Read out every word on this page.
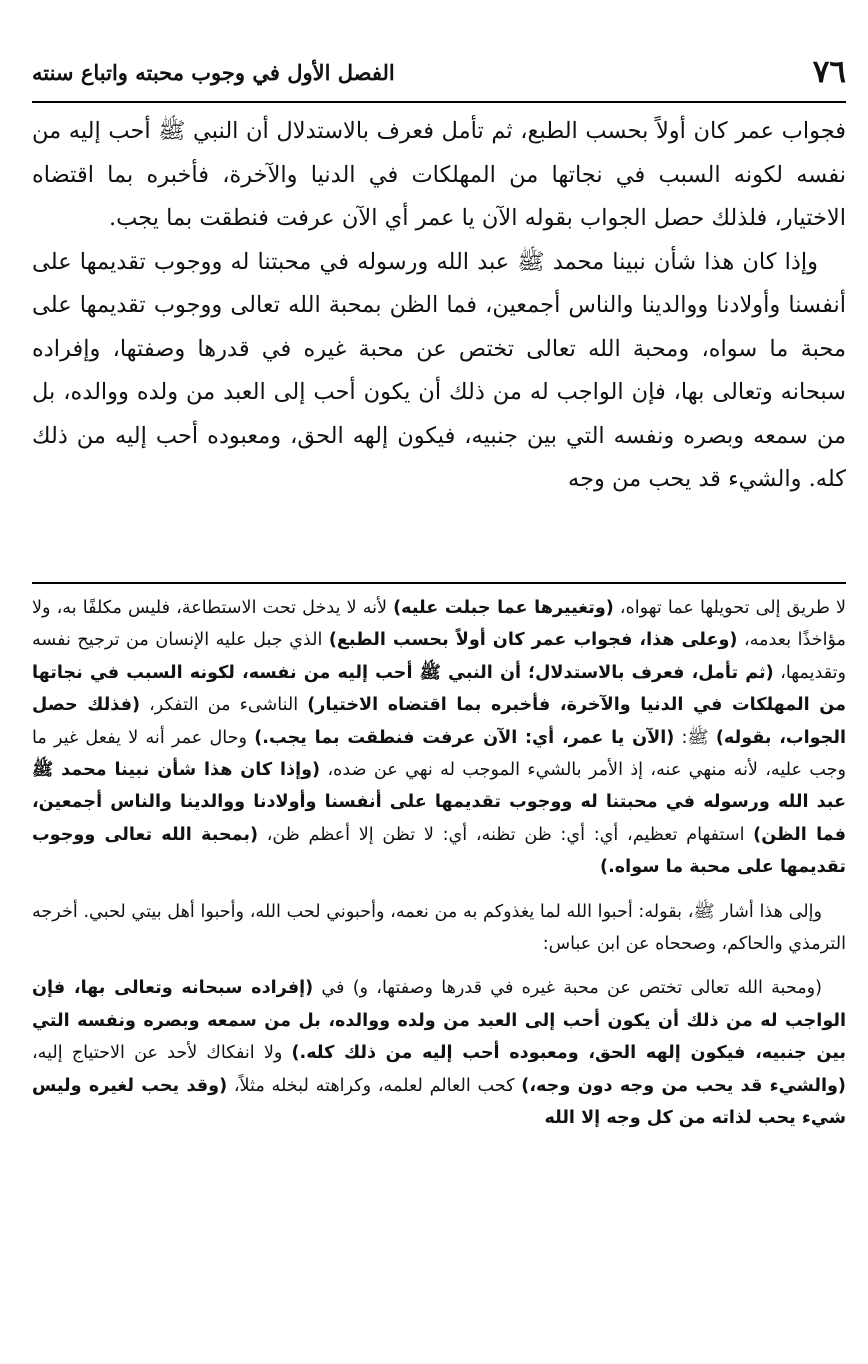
٧٦
الفصل الأول في وجوب محبته واتباع سنته

فجواب عمر كان أولاً بحسب الطبع، ثم تأمل فعرف بالاستدلال أن النبي ﷺ أحب إليه من نفسه لكونه السبب في نجاتها من المهلكات في الدنيا والآخرة، فأخبره بما اقتضاه الاختيار، فلذلك حصل الجواب بقوله الآن يا عمر أي الآن عرفت فنطقت بما يجب.

وإذا كان هذا شأن نبينا محمد ﷺ عبد الله ورسوله في محبتنا له ووجوب تقديمها على أنفسنا وأولادنا ووالدينا والناس أجمعين، فما الظن بمحبة الله تعالى ووجوب تقديمها على محبة ما سواه، ومحبة الله تعالى تختص عن محبة غيره في قدرها وصفتها، وإفراده سبحانه وتعالى بها، فإن الواجب له من ذلك أن يكون أحب إلى العبد من ولده ووالده، بل من سمعه وبصره ونفسه التي بين جنبيه، فيكون إلهه الحق، ومعبوده أحب إليه من ذلك كله. والشيء قد يحب من وجه

لا طريق إلى تحويلها عما تهواه، (وتغييرها عما جبلت عليه) لأنه لا يدخل تحت الاستطاعة، فليس مكلفًا به، ولا مؤاخذًا بعدمه، (وعلى هذا، فجواب عمر كان أولاً بحسب الطبع) الذي جبل عليه الإنسان من ترجيح نفسه وتقديمها، (ثم تأمل، فعرف بالاستدلال؛ أن النبي ﷺ أحب إليه من نفسه، لكونه السبب في نجاتها من المهلكات في الدنيا والآخرة، فأخبره بما اقتضاه الاختيار) الناشىء من التفكر، (فذلك حصل الجواب، بقوله) ﷺ: (الآن يا عمر، أي: الآن عرفت فنطقت بما يجب.) وحال عمر أنه لا يفعل غير ما وجب عليه، لأنه منهي عنه، إذ الأمر بالشيء الموجب له نهي عن ضده، (وإذا كان هذا شأن نبينا محمد ﷺ عبد الله ورسوله في محبتنا له ووجوب تقديمها على أنفسنا وأولادنا ووالدينا والناس أجمعين، فما الظن) استفهام تعظيم، أي: أي: ظن تظنه، أي: لا تظن إلا أعظم ظن، (بمحبة الله تعالى ووجوب تقديمها على محبة ما سواه.)

وإلى هذا أشار ﷺ، بقوله: أحبوا الله لما يغذوكم به من نعمه، وأحبوني لحب الله، وأحبوا أهل بيتي لحبي. أخرجه الترمذي والحاكم، وصححاه عن ابن عباس:

(ومحبة الله تعالى تختص عن محبة غيره في قدرها وصفتها، و) في (إفراده سبحانه وتعالى بها، فإن الواجب له من ذلك أن يكون أحب إلى العبد من ولده ووالده، بل من سمعه وبصره ونفسه التي بين جنبيه، فيكون إلهه الحق، ومعبوده أحب إليه من ذلك كله.) ولا انفكاك لأحد عن الاحتياج إليه، (والشيء قد يحب من وجه دون وجه،) كحب العالم لعلمه، وكراهته لبخله مثلاً، (وقد يحب لغيره وليس شيء يحب لذاته من كل وجه إلا الله
